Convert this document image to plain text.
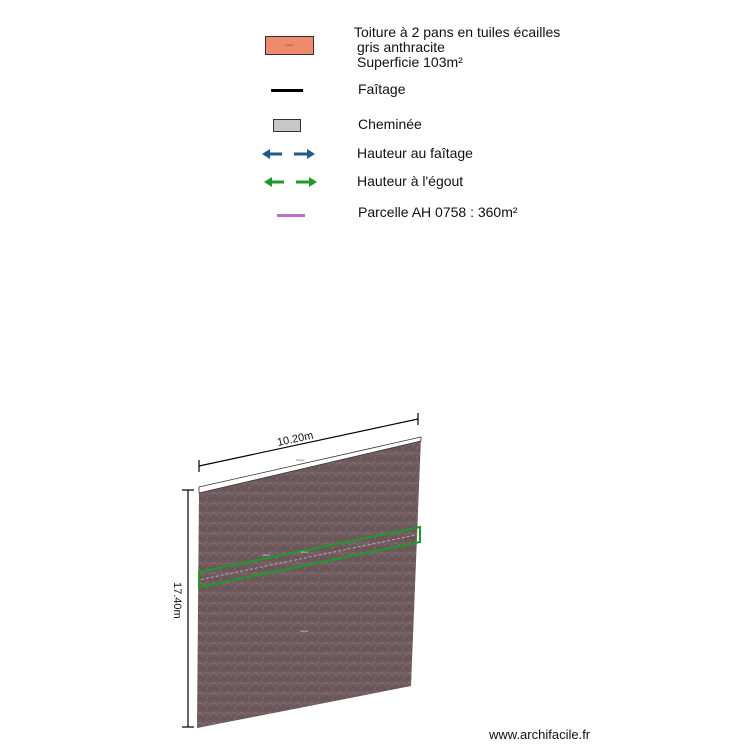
toiture
Toiture à 2 pans en tuiles écailles
gris anthracite
Superficie 103m²
Faîtage
Cheminée
Hauteur au faîtage
Hauteur à l'égout
Parcelle AH 0758 : 360m²
toiture
toiture
toiture
toiture
10.20m
17.40m
www.archifacile.fr
